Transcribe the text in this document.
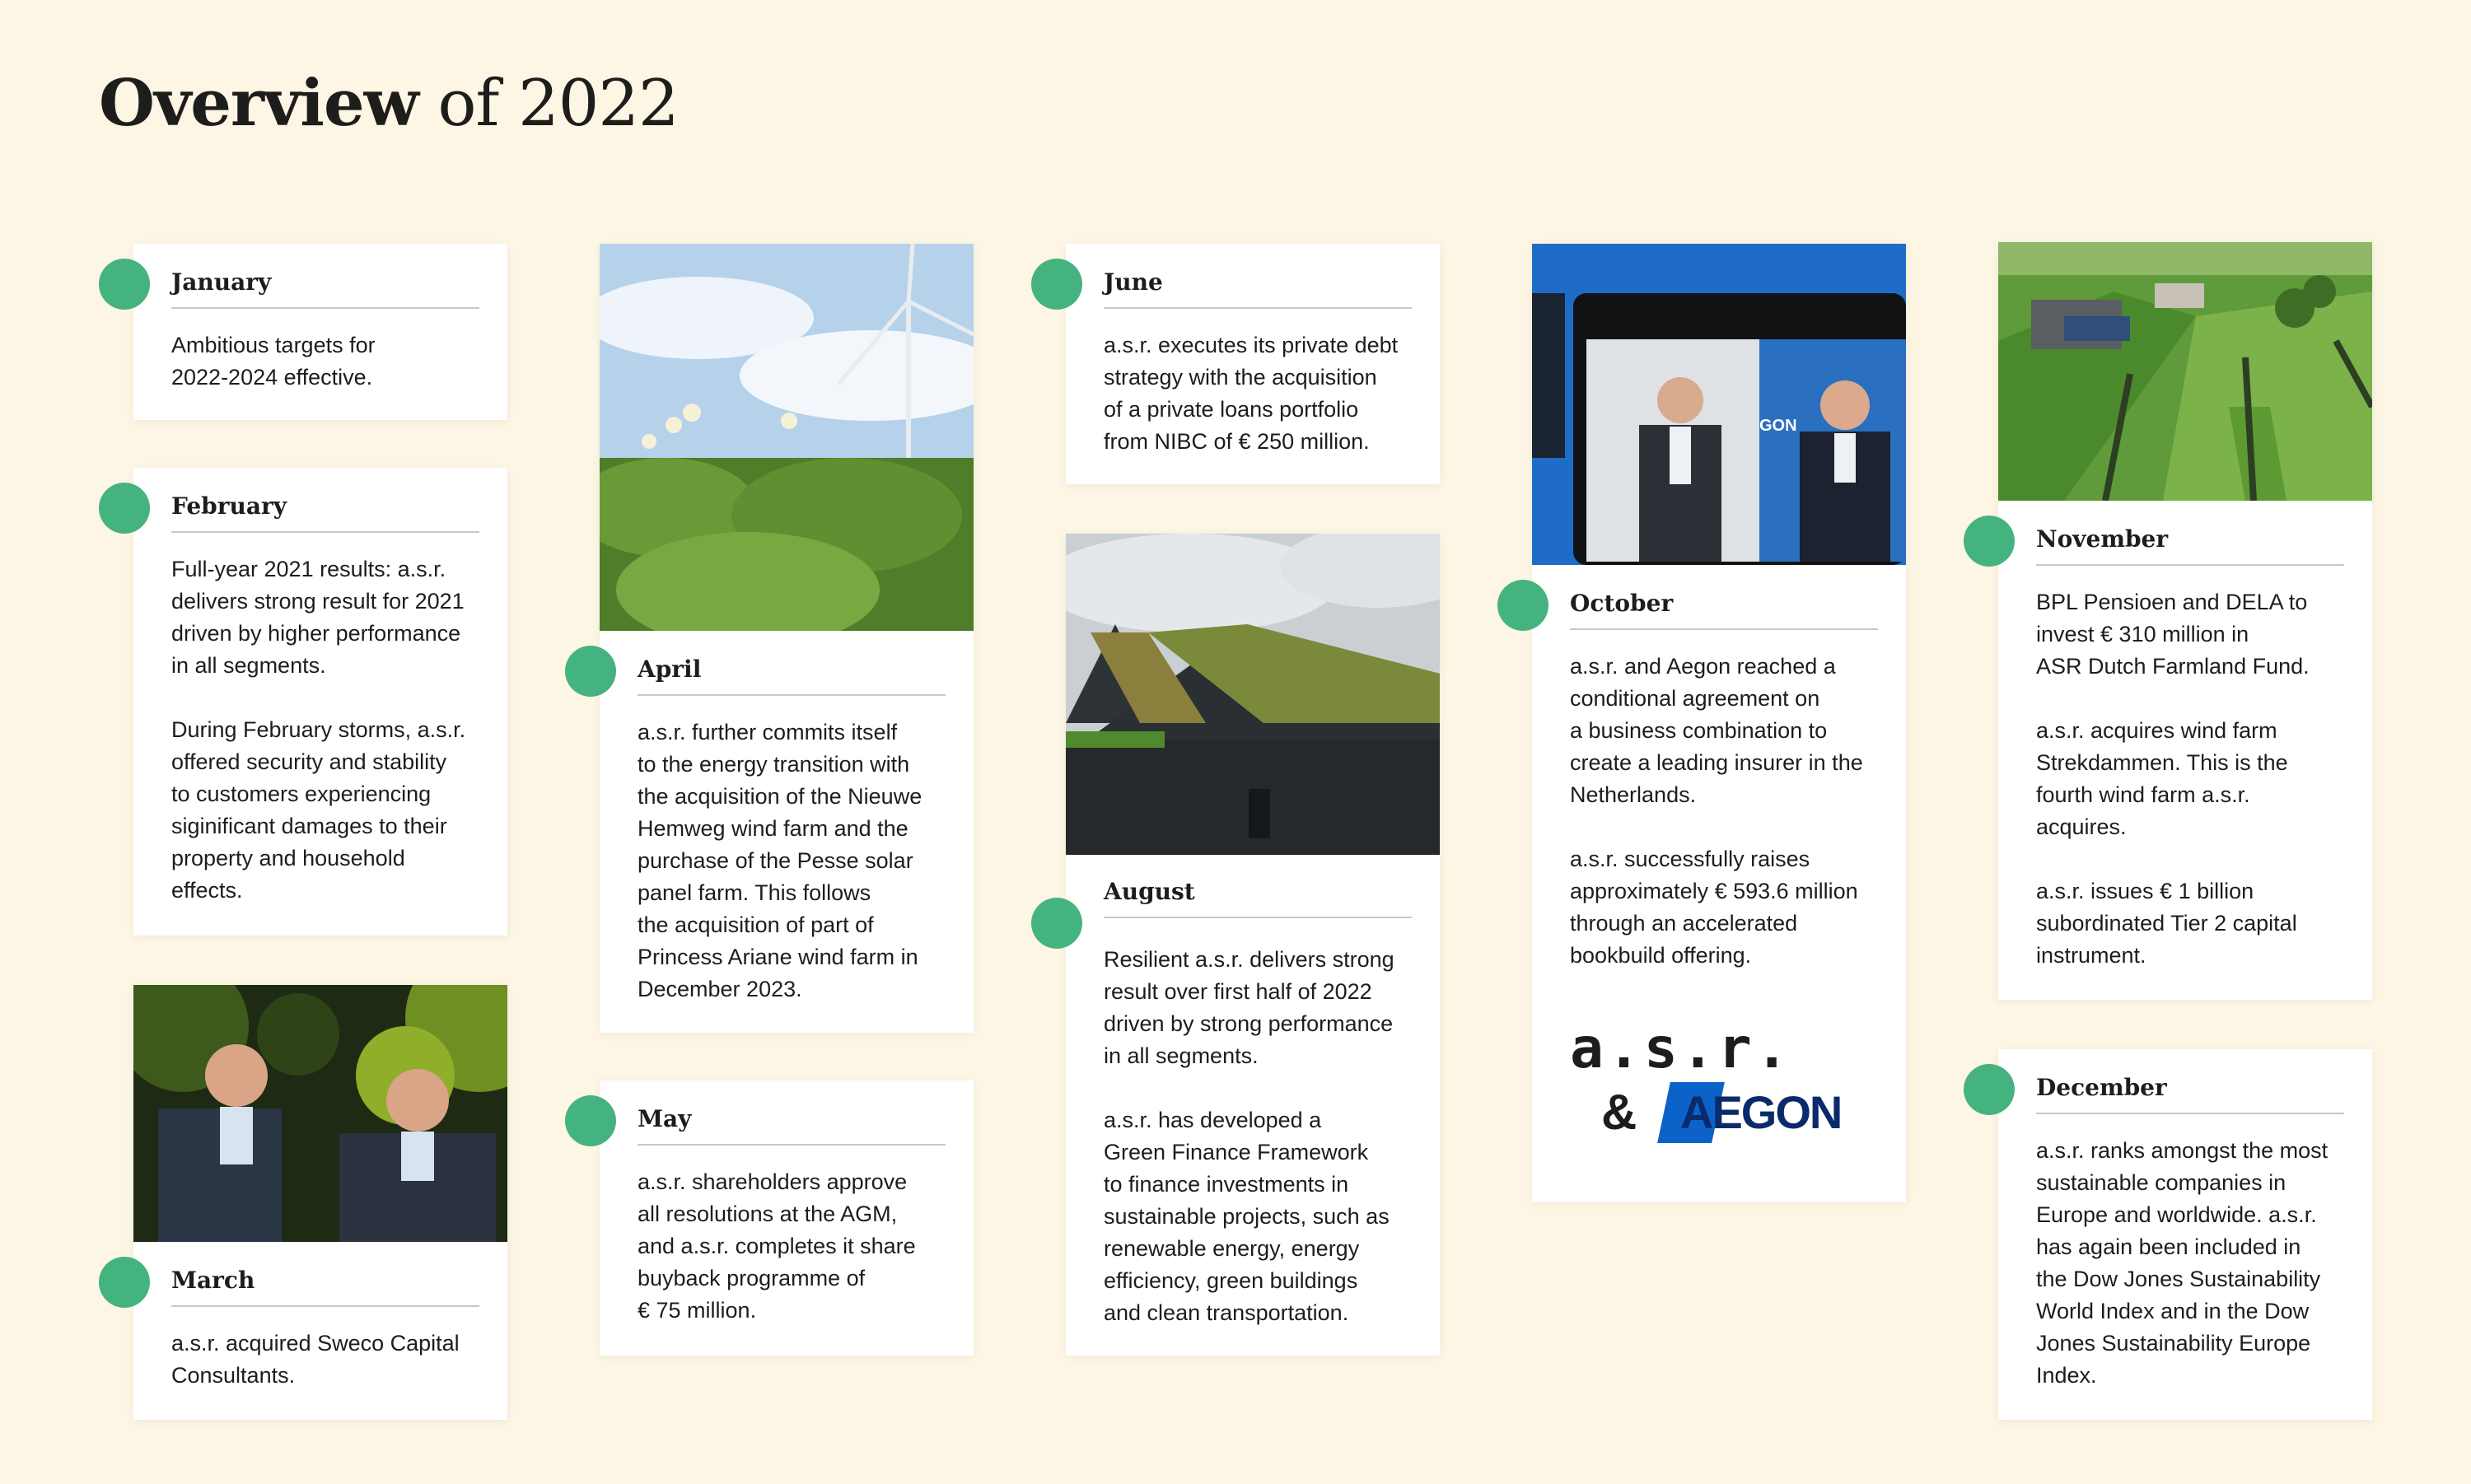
Overview of 2022
January
Ambitious targets for
2022-2024 effective.
February
Full-year 2021 results: a.s.r.
delivers strong result for 2021
driven by higher performance
in all segments.

During February storms, a.s.r.
offered security and stability
to customers experiencing
siginificant damages to their
property and household
effects.
March
a.s.r. acquired Sweco Capital
Consultants.
April
a.s.r. further commits itself
to the energy transition with
the acquisition of the Nieuwe
Hemweg wind farm and the
purchase of the Pesse solar
panel farm. This follows
the acquisition of part of
Princess Ariane wind farm in
December 2023.
May
a.s.r. shareholders approve
all resolutions at the AGM,
and a.s.r. completes it share
buyback programme of
€ 75 million.
June
a.s.r. executes its private debt
strategy with the acquisition
of a private loans portfolio
from NIBC of € 250 million.
August
Resilient a.s.r. delivers strong
result over first half of 2022
driven by strong performance
in all segments.

a.s.r. has developed a
Green Finance Framework
to finance investments in
sustainable projects, such as
renewable energy, energy
efficiency, green buildings
and clean transportation.
GON
October
a.s.r. and Aegon reached a
conditional agreement on
a business combination to
create a leading insurer in the
Netherlands.

a.s.r. successfully raises
approximately € 593.6 million
through an accelerated
bookbuild offering.
a.s.r.
& AEGON
November
BPL Pensioen and DELA to
invest € 310 million in
ASR Dutch Farmland Fund.

a.s.r. acquires wind farm
Strekdammen. This is the
fourth wind farm a.s.r.
acquires.

a.s.r. issues € 1 billion
subordinated Tier 2 capital
instrument.
December
a.s.r. ranks amongst the most
sustainable companies in
Europe and worldwide. a.s.r.
has again been included in
the Dow Jones Sustainability
World Index and in the Dow
Jones Sustainability Europe
Index.
